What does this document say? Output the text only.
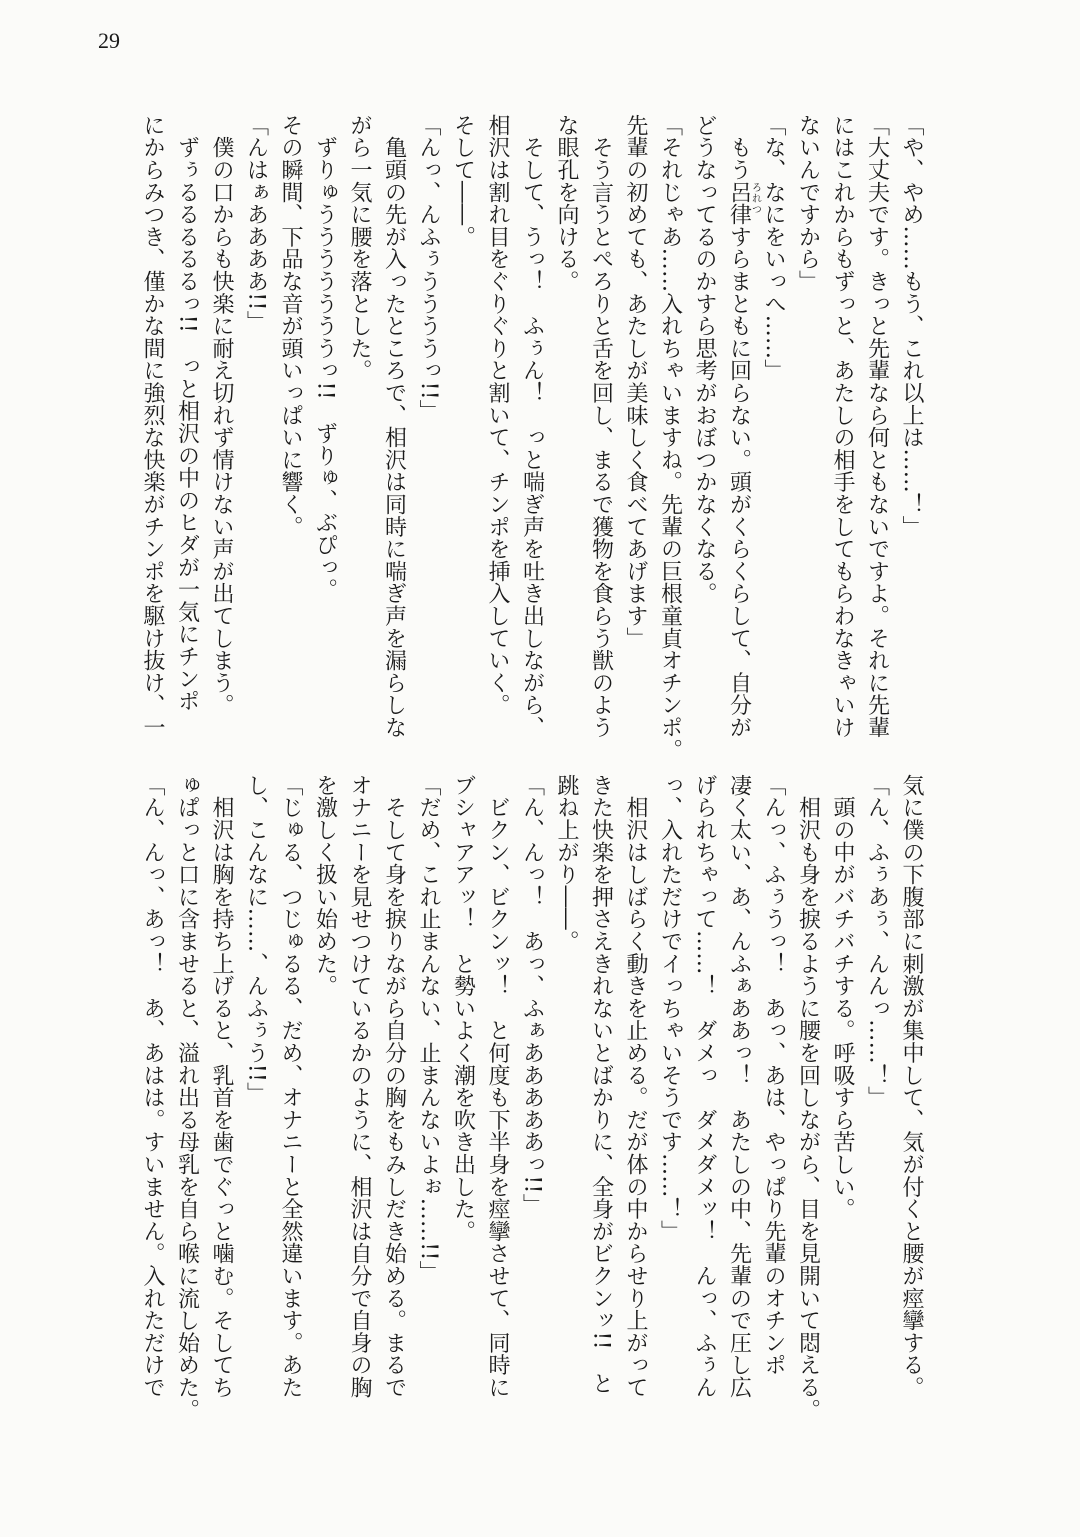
29
「や、やめ……もう、これ以上は……！」
「大丈夫です。きっと先輩なら何ともないですよ。それに先輩
にはこれからもずっと、あたしの相手をしてもらわなきゃいけ
ないんですから」
「な、なにをいっへ……」
　もう呂律すらまともに回らない。頭がくらくらして、自分が
ろれつ
どうなってるのかすら思考がおぼつかなくなる。
「それじゃあ……入れちゃいますね。先輩の巨根童貞オチンポ。
先輩の初めても、あたしが美味しく食べてあげます」
　そう言うとぺろりと舌を回し、まるで獲物を食らう獣のよう
な眼孔を向ける。
　そして、うっ！　ふぅん！　っと喘ぎ声を吐き出しながら、
相沢は割れ目をぐりぐりと割いて、チンポを挿入していく。
そして――。
「んっ、んふぅううううっ!!」
　亀頭の先が入ったところで、相沢は同時に喘ぎ声を漏らしな
がら一気に腰を落とした。
　ずりゅうううううううっ!!　ずりゅ、ぶぴっ。
その瞬間、下品な音が頭いっぱいに響く。
「んはぁああああ!!」
　僕の口からも快楽に耐え切れず情けない声が出てしまう。
　ずぅるるるるるっ!!　っと相沢の中のヒダが一気にチンポ
にからみつき、僅かな間に強烈な快楽がチンポを駆け抜け、一
気に僕の下腹部に刺激が集中して、気が付くと腰が痙攣する。
「ん、ふぅあぅ、んんっ……！」
　頭の中がバチバチする。呼吸すら苦しい。
　相沢も身を捩るように腰を回しながら、目を見開いて悶える。
「んっ、ふぅうっ！　あっ、あは、やっぱり先輩のオチンポ
凄く太い、あ、んふぁああっ！　あたしの中、先輩ので圧し広
げられちゃって……！　ダメっ　ダメダメッ！　んっ、ふぅん
っ、入れただけでイっちゃいそうです……！」
　相沢はしばらく動きを止める。だが体の中からせり上がって
きた快楽を押さえきれないとばかりに、全身がビクンッ!!　と
跳ね上がり――。
「ん、んっ！　あっ、ふぁあああああっ!!」
　ビクン、ビクンッ！　と何度も下半身を痙攣させて、同時に
ブシャアアッ！　と勢いよく潮を吹き出した。
「だめ、これ止まんない、止まんないよぉ……!!」
　そして身を捩りながら自分の胸をもみしだき始める。まるで
オナニーを見せつけているかのように、相沢は自分で自身の胸
を激しく扱い始めた。
「じゅる、つじゅるる、だめ、オナニーと全然違います。あた
し、こんなに……、んふぅう!!」
　相沢は胸を持ち上げると、乳首を歯でぐっと噛む。そしてち
ゅぱっと口に含ませると、溢れ出る母乳を自ら喉に流し始めた。
「ん、んっ、あっ！　あ、あはは。すいません。入れただけで
